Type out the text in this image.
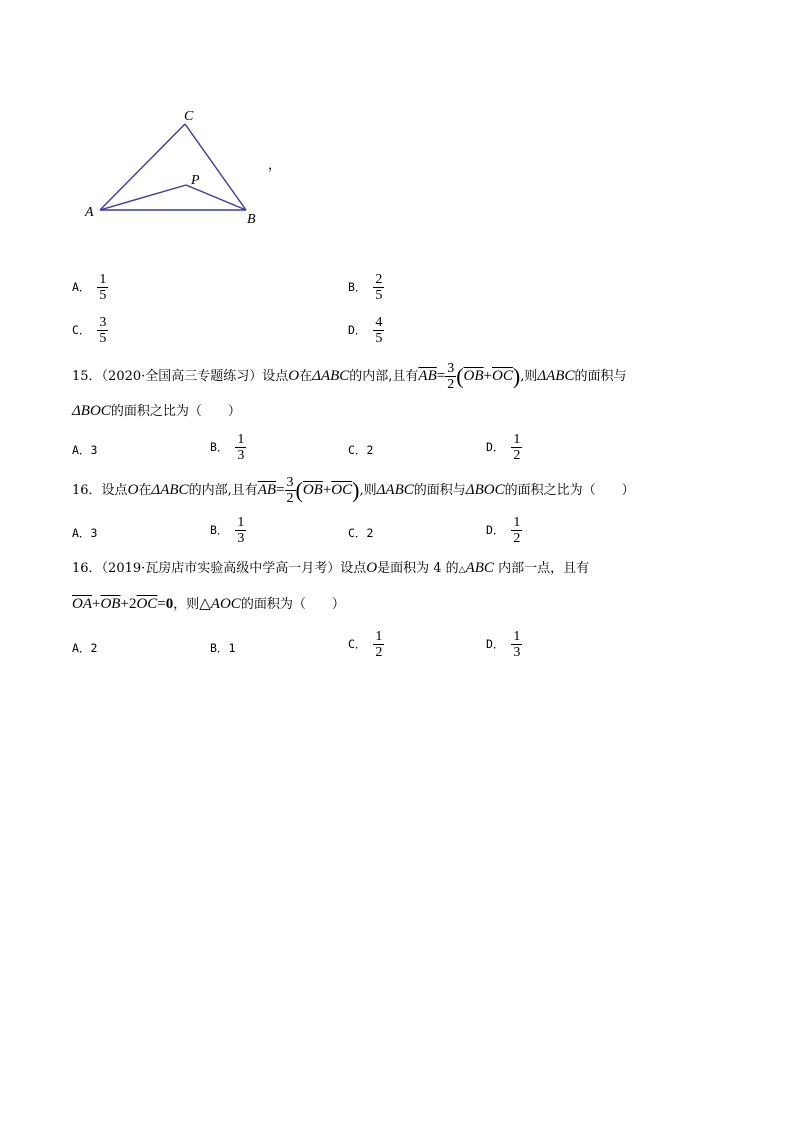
A	B
C
P
，
A． $\frac{1}{5}$	B． $\frac{2}{5}$
C． $\frac{3}{5}$	D． $\frac{4}{5}$
15．（2020·全国高三专题练习）设点O在ΔABC的内部,且有$\overline{AB}= \frac{3}{2} (\overline{OB}+\overline{OC})$,则ΔABC的面积与
ΔBOC的面积之比为（　　）
A．3	B． $\frac{1}{3}$	C．2	D． $\frac{1}{2}$
16．设点O在ΔABC的内部,且有$\overline{AB}= \frac{3}{2} (\overline{OB}+\overline{OC})$,则ΔABC的面积与ΔBOC的面积之比为（　　）
A．3	B． $\frac{1}{3}$	C．2	D． $\frac{1}{2}$
16．（2019·瓦房店市实验高级中学高一月考）设点O是面积为 4 的△ABC 内部一点，且有
$\overline{OA}+\overline{OB}+2\overline{OC}=0$，则△AOC的面积为（　　）
A．2	B．1	C． $\frac{1}{2}$	D． $\frac{1}{3}$
